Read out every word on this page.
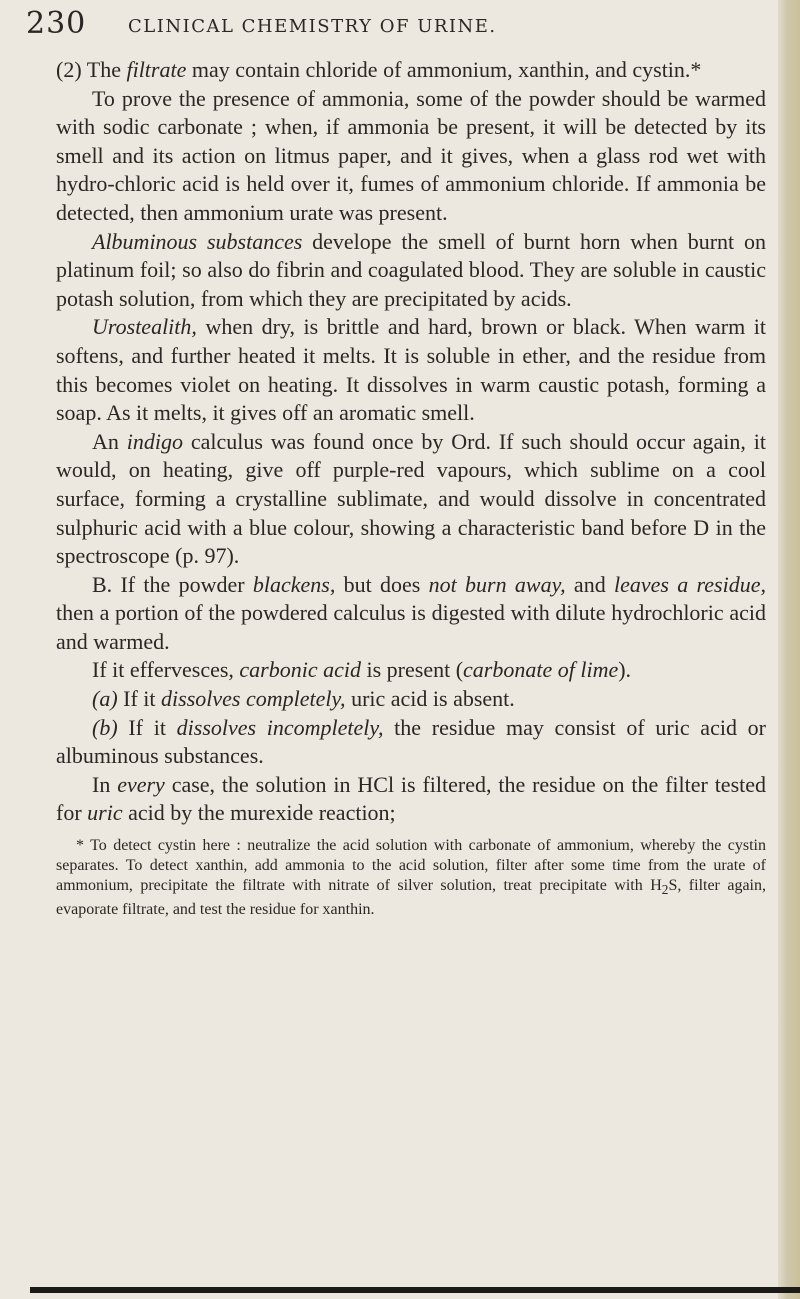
230 CLINICAL CHEMISTRY OF URINE.

(2) The filtrate may contain chloride of ammonium, xanthin, and cystin.*

To prove the presence of ammonia, some of the powder should be warmed with sodic carbonate ; when, if ammonia be present, it will be detected by its smell and its action on litmus paper, and it gives, when a glass rod wet with hydro-chloric acid is held over it, fumes of ammonium chloride. If ammonia be detected, then ammonium urate was present.

Albuminous substances develope the smell of burnt horn when burnt on platinum foil; so also do fibrin and coagulated blood. They are soluble in caustic potash solution, from which they are precipitated by acids.

Urostealith, when dry, is brittle and hard, brown or black. When warm it softens, and further heated it melts. It is soluble in ether, and the residue from this becomes violet on heating. It dissolves in warm caustic potash, forming a soap. As it melts, it gives off an aromatic smell.

An indigo calculus was found once by Ord. If such should occur again, it would, on heating, give off purple-red vapours, which sublime on a cool surface, forming a crystalline sublimate, and would dissolve in concentrated sulphuric acid with a blue colour, showing a characteristic band before D in the spectroscope (p. 97).

B. If the powder blackens, but does not burn away, and leaves a residue, then a portion of the powdered calculus is digested with dilute hydrochloric acid and warmed.

If it effervesces, carbonic acid is present (carbonate of lime).

(a) If it dissolves completely, uric acid is absent.

(b) If it dissolves incompletely, the residue may consist of uric acid or albuminous substances.

In every case, the solution in HCl is filtered, the residue on the filter tested for uric acid by the murexide reaction;

* To detect cystin here : neutralize the acid solution with carbonate of ammonium, whereby the cystin separates. To detect xanthin, add ammonia to the acid solution, filter after some time from the urate of ammonium, precipitate the filtrate with nitrate of silver solution, treat precipitate with $H_2S$, filter again, evaporate filtrate, and test the residue for xanthin.
